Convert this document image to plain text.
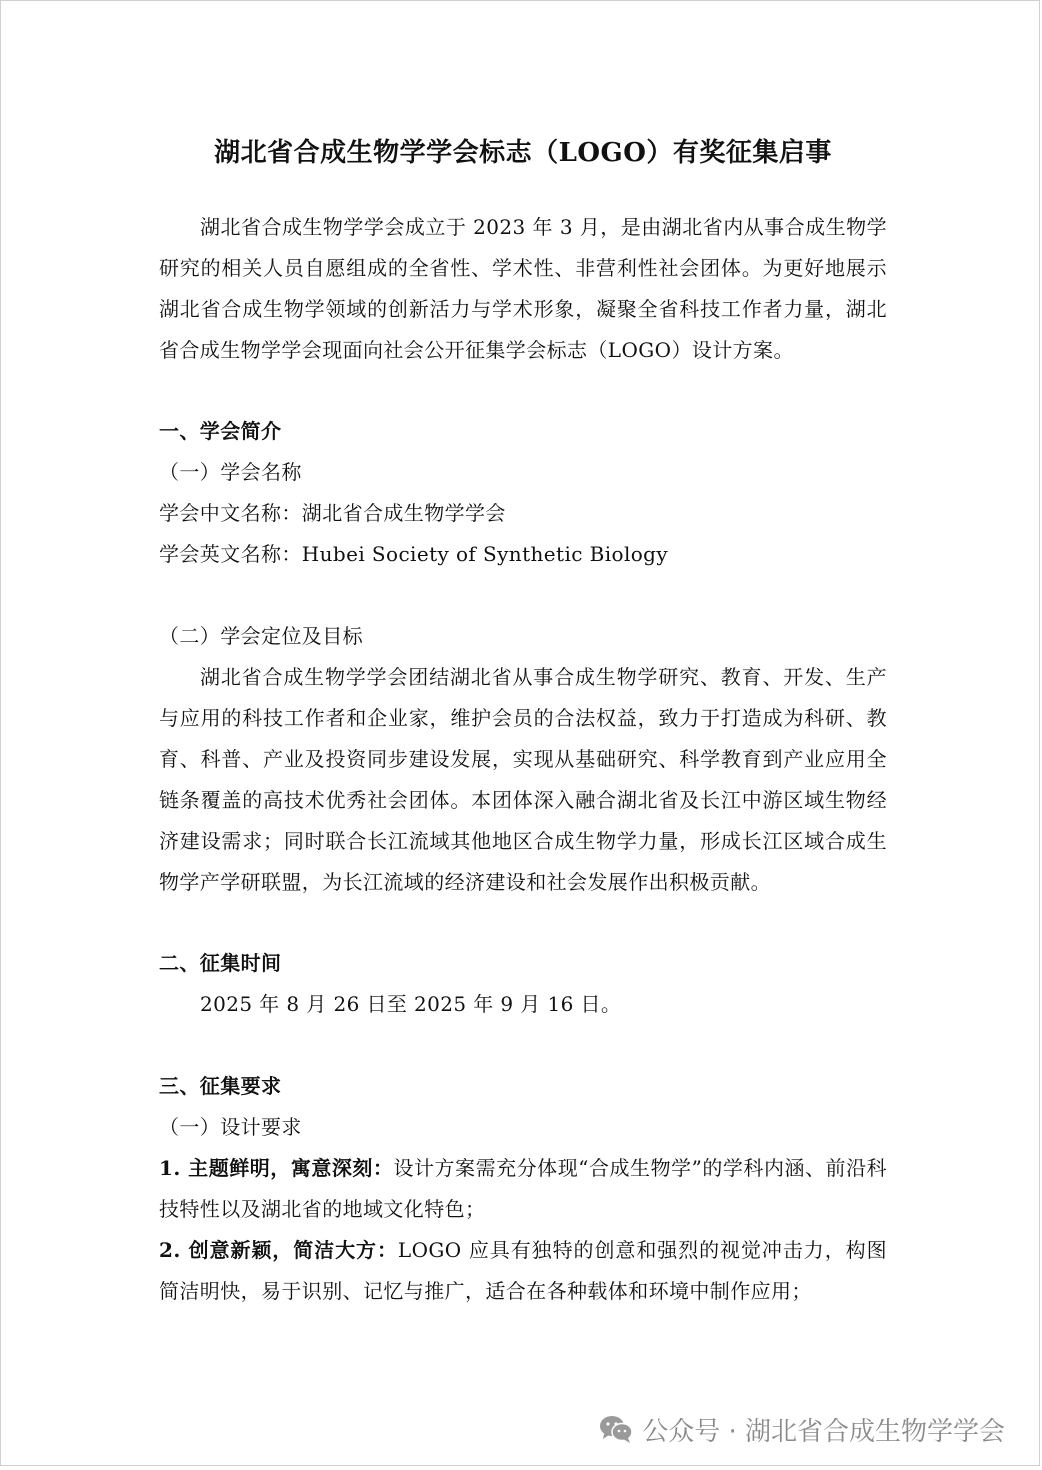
湖北省合成生物学学会标志（LOGO）有奖征集启事
湖北省合成生物学学会成立于 2023 年 3 月，是由湖北省内从事合成生物学研究的相关人员自愿组成的全省性、学术性、非营利性社会团体。为更好地展示湖北省合成生物学领域的创新活力与学术形象，凝聚全省科技工作者力量，湖北省合成生物学学会现面向社会公开征集学会标志（LOGO）设计方案。
一、学会简介
（一）学会名称
学会中文名称：湖北省合成生物学学会
学会英文名称：Hubei Society of Synthetic Biology
（二）学会定位及目标
湖北省合成生物学学会团结湖北省从事合成生物学研究、教育、开发、生产与应用的科技工作者和企业家，维护会员的合法权益，致力于打造成为科研、教育、科普、产业及投资同步建设发展，实现从基础研究、科学教育到产业应用全链条覆盖的高技术优秀社会团体。本团体深入融合湖北省及长江中游区域生物经济建设需求；同时联合长江流域其他地区合成生物学力量，形成长江区域合成生物学产学研联盟，为长江流域的经济建设和社会发展作出积极贡献。
二、征集时间
2025 年 8 月 26 日至 2025 年 9 月 16 日。
三、征集要求
（一）设计要求
1. 主题鲜明，寓意深刻：设计方案需充分体现“合成生物学”的学科内涵、前沿科技特性以及湖北省的地域文化特色；
2. 创意新颖，简洁大方：LOGO 应具有独特的创意和强烈的视觉冲击力，构图简洁明快，易于识别、记忆与推广，适合在各种载体和环境中制作应用；
公众号 · 湖北省合成生物学学会
